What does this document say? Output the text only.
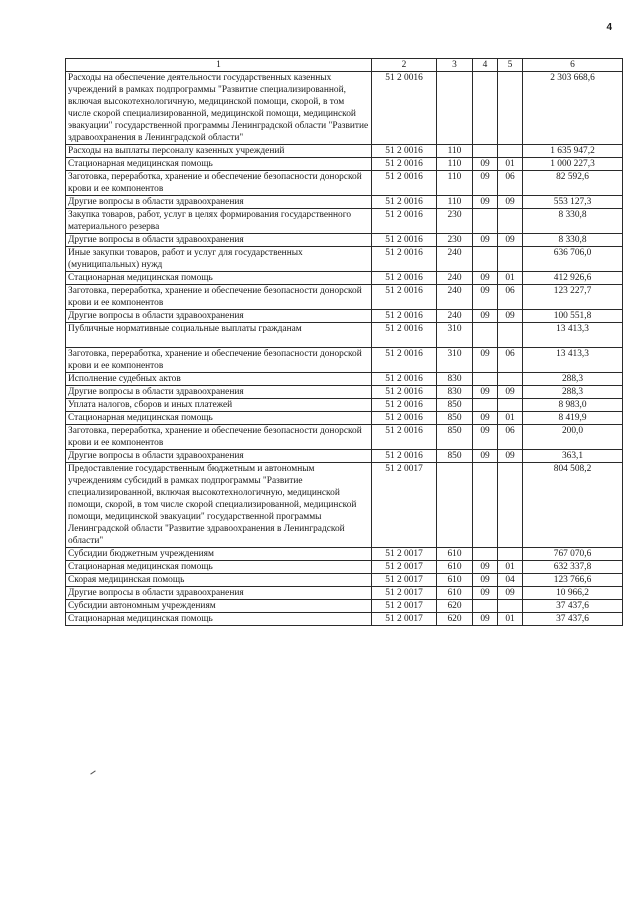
4
1	2	3	4	5	6
Расходы на обеспечение деятельности государственных казенных учреждений в рамках подпрограммы "Развитие специализированной, включая высокотехнологичную, медицинской помощи, скорой, в том числе скорой специализированной, медицинской помощи, медицинской эвакуации" государственной программы Ленинградской области "Развитие здравоохранения в Ленинградской области"	51 2 0016				2 303 668,6
Расходы на выплаты персоналу казенных учреждений	51 2 0016	110			1 635 947,2
Стационарная медицинская помощь	51 2 0016	110	09	01	1 000 227,3
Заготовка, переработка, хранение и обеспечение безопасности донорской крови и ее компонентов	51 2 0016	110	09	06	82 592,6
Другие вопросы в области здравоохранения	51 2 0016	110	09	09	553 127,3
Закупка товаров, работ, услуг в целях формирования государственного материального резерва	51 2 0016	230			8 330,8
Другие вопросы в области здравоохранения	51 2 0016	230	09	09	8 330,8
Иные закупки товаров, работ и услуг для государственных (муниципальных) нужд	51 2 0016	240			636 706,0
Стационарная медицинская помощь	51 2 0016	240	09	01	412 926,6
Заготовка, переработка, хранение и обеспечение безопасности донорской крови и ее компонентов	51 2 0016	240	09	06	123 227,7
Другие вопросы в области здравоохранения	51 2 0016	240	09	09	100 551,8
Публичные нормативные социальные выплаты гражданам	51 2 0016	310			13 413,3
Заготовка, переработка, хранение и обеспечение безопасности донорской крови и ее компонентов	51 2 0016	310	09	06	13 413,3
Исполнение судебных актов	51 2 0016	830			288,3
Другие вопросы в области здравоохранения	51 2 0016	830	09	09	288,3
Уплата налогов, сборов и иных платежей	51 2 0016	850			8 983,0
Стационарная медицинская помощь	51 2 0016	850	09	01	8 419,9
Заготовка, переработка, хранение и обеспечение безопасности донорской крови и ее компонентов	51 2 0016	850	09	06	200,0
Другие вопросы в области здравоохранения	51 2 0016	850	09	09	363,1
Предоставление государственным бюджетным и автономным учреждениям субсидий в рамках подпрограммы "Развитие специализированной, включая высокотехнологичную, медицинской помощи, скорой, в том числе скорой специализированной, медицинской помощи, медицинской эвакуации" государственной программы Ленинградской области "Развитие здравоохранения в Ленинградской области"	51 2 0017				804 508,2
Субсидии бюджетным учреждениям	51 2 0017	610			767 070,6
Стационарная медицинская помощь	51 2 0017	610	09	01	632 337,8
Скорая медицинская помощь	51 2 0017	610	09	04	123 766,6
Другие вопросы в области здравоохранения	51 2 0017	610	09	09	10 966,2
Субсидии автономным учреждениям	51 2 0017	620			37 437,6
Стационарная медицинская помощь	51 2 0017	620	09	01	37 437,6
